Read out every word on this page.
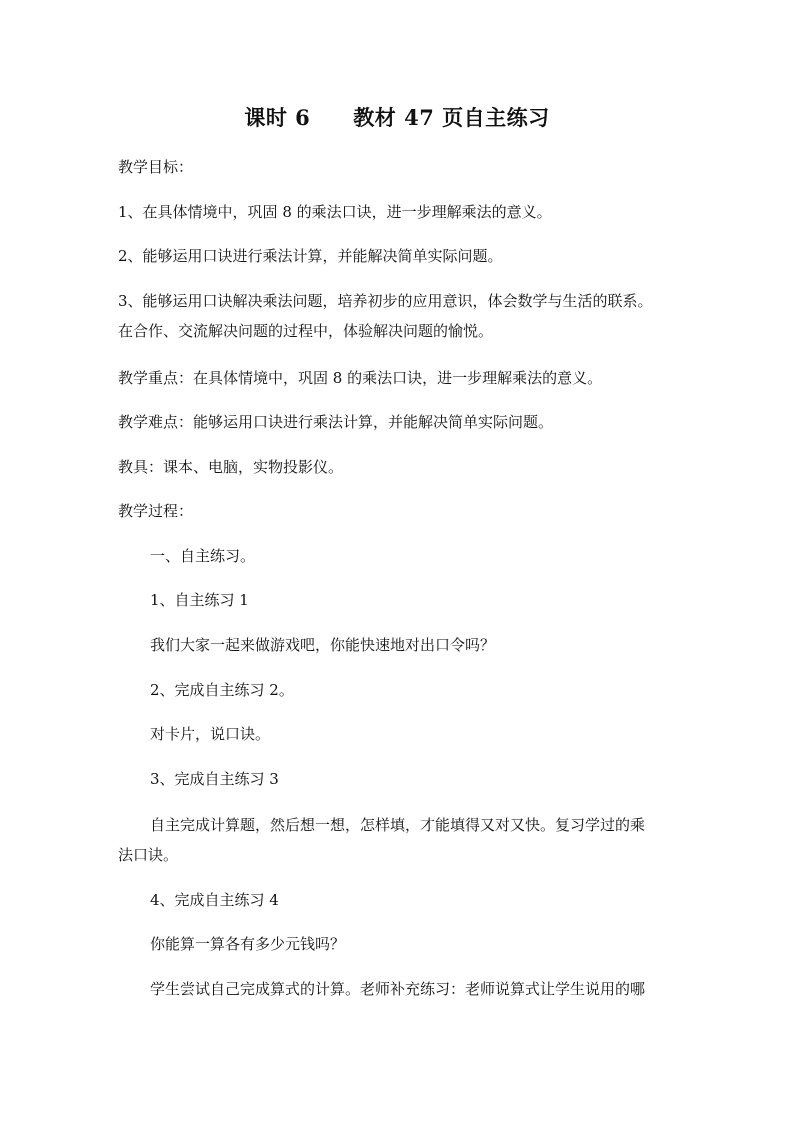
课时 6　　教材 47 页自主练习
教学目标：
1、在具体情境中，巩固 8 的乘法口诀，进一步理解乘法的意义。
2、能够运用口诀进行乘法计算，并能解决简单实际问题。
3、能够运用口诀解决乘法问题，培养初步的应用意识，体会数学与生活的联系。
在合作、交流解决问题的过程中，体验解决问题的愉悦。
教学重点：在具体情境中，巩固 8 的乘法口诀，进一步理解乘法的意义。
教学难点：能够运用口诀进行乘法计算，并能解决简单实际问题。
教具：课本、电脑，实物投影仪。
教学过程：
一、自主练习。
1、自主练习 1
我们大家一起来做游戏吧，你能快速地对出口令吗？
2、完成自主练习 2。
对卡片，说口诀。
3、完成自主练习 3
自主完成计算题，然后想一想，怎样填，才能填得又对又快。复习学过的乘
法口诀。
4、完成自主练习 4
你能算一算各有多少元钱吗？
学生尝试自己完成算式的计算。老师补充练习：老师说算式让学生说用的哪
